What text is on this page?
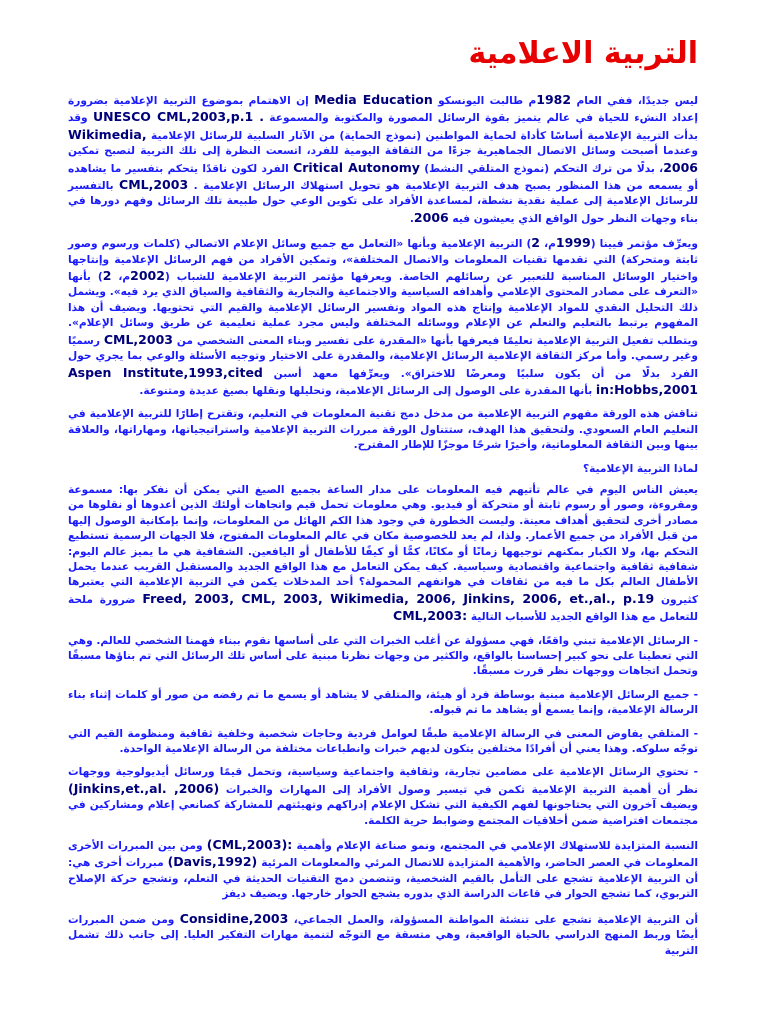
التربية الاعلامية

ليس جديدًا، ففي العام 1982م طالبت اليونسكو Media Education إن الاهتمام بموضوع التربية الإعلامية بضرورة إعداد النشء للحياة في عالم يتميز بقوة الرسائل المصورة والمكتوبة والمسموعة UNESCO CML,2003,p.1 . وقد بدأت التربية الإعلامية أساسًا كأداة لحماية المواطنين (نموذج الحماية) من الآثار السلبية للرسائل الإعلامية Wikimedia, وعندما أصبحت وسائل الاتصال الجماهيرية جزءًا من الثقافة اليومية للفرد، اتسعت النظرة إلى تلك التربية لتصبح تمكين 2006، بدلًا من ترك التحكم (نموذج المتلقي النشط) Critical Autonomy الفرد لكون ناقدًا يتحكم بتفسير ما يشاهده أو يسمعه من هذا المنظور يصبح هدف التربية الإعلامية هو تحويل استهلاك الرسائل الإعلامية . CML,2003 بالتفسير للرسائل الإعلامية إلى عملية نقدية نشطة، لمساعدة الأفراد على تكوين الوعي حول طبيعة تلك الرسائل وفهم دورها في بناء وجهات النظر حول الواقع الذي يعيشون فيه 2006.

ويعرِّف مؤتمر فيينا (1999م، 2) التربية الإعلامية وبأنها «التعامل مع جميع وسائل الإعلام الاتصالي (كلمات ورسوم وصور ثابتة ومتحركة) التي تقدمها تقنيات المعلومات والاتصال المختلفة»، وتمكين الأفراد من فهم الرسائل الإعلامية وإنتاجها واختيار الوسائل المناسبة للتعبير عن رسائلهم الخاصة. ويعرفها مؤتمر التربية الإعلامية للشباب (2002م، 2) بأنها «التعرف على مصادر المحتوى الإعلامي وأهدافه السياسية والاجتماعية والتجارية والثقافية والسياق الذي يرد فيه». ويشمل ذلك التحليل النقدي للمواد الإعلامية وإنتاج هذه المواد وتفسير الرسائل الإعلامية والقيم التي تحتويها. ويضيف أن هذا المفهوم يرتبط بالتعليم والتعلم عن الإعلام ووسائله المختلفة وليس مجرد عملية تعليمية عن طريق وسائل الإعلام». ويتطلب تفعيل التربية الإعلامية تعليمًا فيعرفها بأنها «المقدرة على تفسير وبناء المعنى الشخصي من CML,2003 رسميًا وغير رسمي. وأما مركز الثقافة الإعلامية الرسائل الإعلامية، والمقدرة على الاختيار وتوجيه الأسئلة والوعي بما يجري حول الفرد بدلًا من أن يكون سلبيًا ومعرضًا للاختراق». ويعرِّفها معهد أسبن Aspen Institute,1993,cited in:Hobbs,2001 بأنها المقدرة على الوصول إلى الرسائل الإعلامية، وتحليلها ونقلها بصيغ عديدة ومتنوعة.

تناقش هذه الورقة مفهوم التربية الإعلامية من مدخل دمج تقنية المعلومات في التعليم، وتقترح إطارًا للتربية الإعلامية في التعليم العام السعودي. ولتحقيق هذا الهدف، ستتناول الورقة مبررات التربية الإعلامية واستراتيجياتها، ومهاراتها، والعلاقة بينها وبين الثقافة المعلوماتية، وأخيرًا شرحًا موجزًا للإطار المقترح.

لماذا التربية الإعلامية؟

يعيش الناس اليوم في عالم تأتيهم فيه المعلومات على مدار الساعة بجميع الصيغ التي يمكن أن نفكر بها: مسموعة ومقروءة، وصور أو رسوم ثابتة أو متحركة أو فيديو. وهي معلومات تحمل قيم واتجاهات أولئك الذين أعدوها أو نقلوها من مصادر أخرى لتحقيق أهداف معينة. وليست الخطورة في وجود هذا الكم الهائل من المعلومات، وإنما بإمكانية الوصول إليها من قبل الأفراد من جميع الأعمار. ولذا، لم يعد للخصوصية مكان في عالم المعلومات المفتوح، فلا الجهات الرسمية تستطيع التحكم بها، ولا الكبار بمكنهم توجيهها زمانًا أو مكانًا، كمًّا أو كيفًا للأطفال أو اليافعين. الشفافية هي ما يميز عالم اليوم: شفافية ثقافية واجتماعية واقتصادية وسياسية. كيف يمكن التعامل مع هذا الواقع الجديد والمستقبل القريب عندما يحمل الأطفال العالم بكل ما فيه من ثقافات في هواتفهم المحمولة؟ أحد المدخلات يكمن في التربية الإعلامية التي يعتبرها كثيرون Freed, 2003, CML, 2003, Wikimedia, 2006, Jinkins, 2006, et.,al., p.19 ضرورة ملحة للتعامل مع هذا الواقع الجديد للأسباب التالية CML,2003:

- الرسائل الإعلامية تبني واقعًا، فهي مسؤولة عن أغلب الخبرات التي على أساسها نقوم ببناء فهمنا الشخصي للعالم. وهي التي تعطينا على نحو كبير إحساسنا بالواقع، والكثير من وجهات نظرنا مبنية على أساس تلك الرسائل التي تم بناؤها مسبقًا وتحمل اتجاهات ووجهات نظر قررت مسبقًا.

- جميع الرسائل الإعلامية مبنية بوساطة فرد أو هيئة، والمتلقي لا يشاهد أو يسمع ما تم رفضه من صور أو كلمات إثناء بناء الرسالة الإعلامية، وإنما يسمع أو يشاهد ما تم قبوله.

- المتلقي يفاوض المعنى في الرسالة الإعلامية طبقًا لعوامل فردية وحاجات شخصية وخلفية ثقافية ومنظومة القيم التي توجّه سلوكه. وهذا يعني أن أفرادًا مختلفين يتكون لديهم خبرات وانطباعات مختلفة من الرسالة الإعلامية الواحدة.

- تحتوي الرسائل الإعلامية على مضامين تجارية، وثقافية واجتماعية وسياسية، وتحمل قيمًا ورسائل أيديولوجية ووجهات نظر أن أهمية التربية الإعلامية تكمن في تيسير وصول الأفراد إلى المهارات والخبرات (Jinkins,et.,al. ,2006) ويضيف آخرون التي يحتاجونها لفهم الكيفية التي تشكل الإعلام إدراكهم وتهيئتهم للمشاركة كصانعي إعلام ومشاركين في مجتمعات افتراضية ضمن أخلاقيات المجتمع وضوابط حرية الكلمة.

النسبة المتزايدة للاستهلاك الإعلامي في المجتمع، ونمو صناعة الإعلام وأهمية (CML,2003): ومن بين المبررات الأخرى المعلومات في العصر الحاضر، والأهمية المتزايدة للاتصال المرئي والمعلومات المرئية (Davis,1992) مبررات أخرى هي: أن التربية الإعلامية تشجع على التأمل بالقيم الشخصية، وتتضمن دمج التقنيات الحديثة في التعلم، وتشجع حركة الإصلاح التربوي، كما تشجع الحوار في قاعات الدراسة الذي بدوره يشجع الحوار خارجها. ويضيف ديفز

أن التربية الإعلامية تشجع على تنشئة المواطنة المسؤولة، والعمل الجماعي، Considine,2003 ومن ضمن المبررات أيضًا وربط المنهج الدراسي بالحياة الواقعية، وهي متسقة مع التوجّه لتنمية مهارات التفكير العليا. إلى جانب ذلك تشمل التربية
